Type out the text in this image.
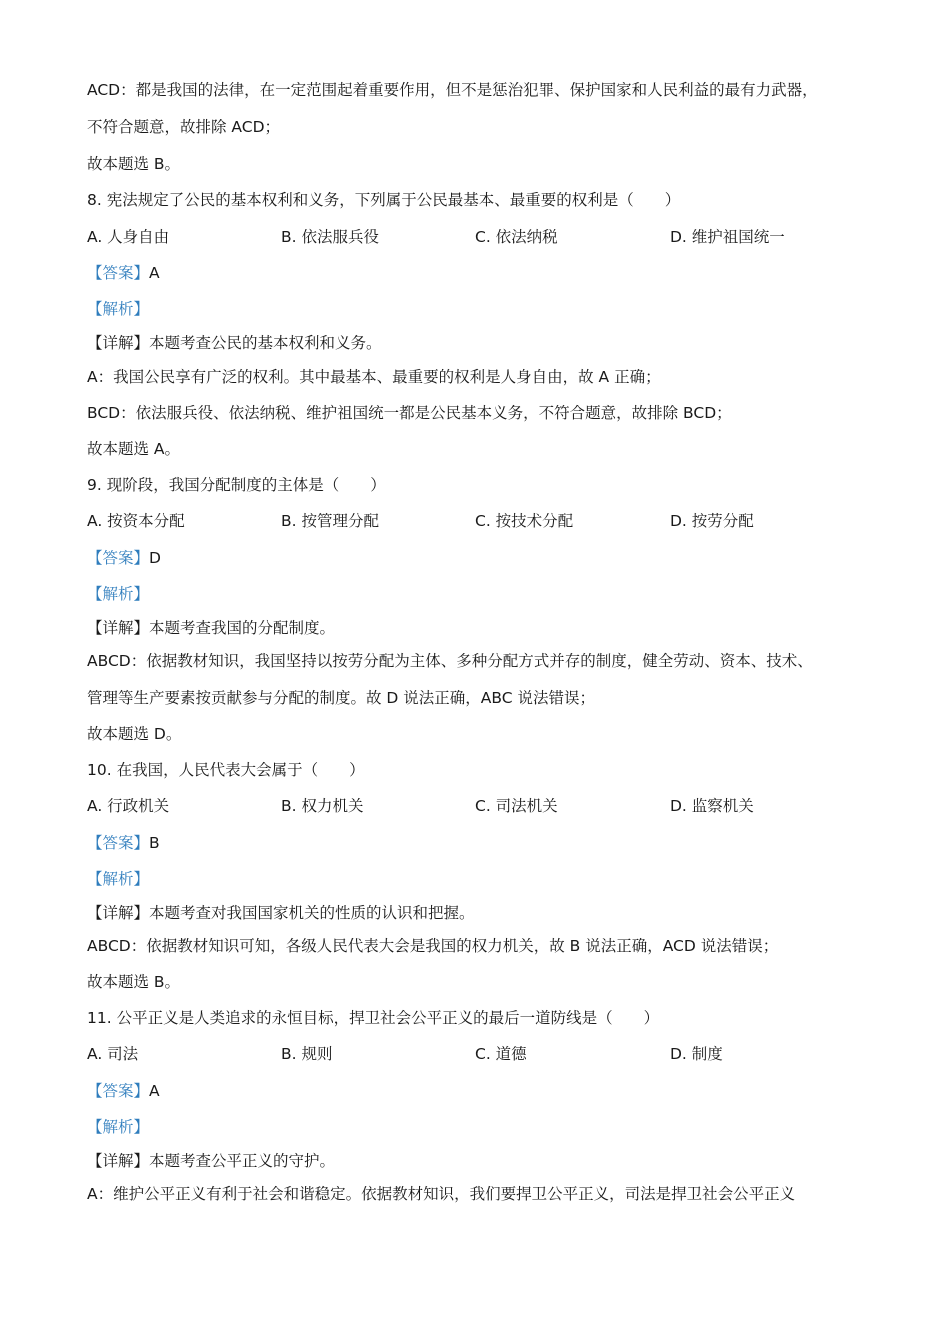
ACD：都是我国的法律，在一定范围起着重要作用，但不是惩治犯罪、保护国家和人民利益的最有力武器，
不符合题意，故排除 ACD；
故本题选 B。
8. 宪法规定了公民的基本权利和义务，下列属于公民最基本、最重要的权利是（　　）
A. 人身自由	B. 依法服兵役	C. 依法纳税	D. 维护祖国统一
【答案】A
【解析】
【详解】本题考查公民的基本权利和义务。
A：我国公民享有广泛的权利。其中最基本、最重要的权利是人身自由，故 A 正确；
BCD：依法服兵役、依法纳税、维护祖国统一都是公民基本义务，不符合题意，故排除 BCD；
故本题选 A。
9. 现阶段，我国分配制度的主体是（　　）
A. 按资本分配	B. 按管理分配	C. 按技术分配	D. 按劳分配
【答案】D
【解析】
【详解】本题考查我国的分配制度。
ABCD：依据教材知识，我国坚持以按劳分配为主体、多种分配方式并存的制度，健全劳动、资本、技术、
管理等生产要素按贡献参与分配的制度。故 D 说法正确，ABC 说法错误；
故本题选 D。
10. 在我国，人民代表大会属于（　　）
A. 行政机关	B. 权力机关	C. 司法机关	D. 监察机关
【答案】B
【解析】
【详解】本题考查对我国国家机关的性质的认识和把握。
ABCD：依据教材知识可知，各级人民代表大会是我国的权力机关，故 B 说法正确，ACD 说法错误；
故本题选 B。
11. 公平正义是人类追求的永恒目标，捍卫社会公平正义的最后一道防线是（　　）
A. 司法	B. 规则	C. 道德	D. 制度
【答案】A
【解析】
【详解】本题考查公平正义的守护。
A：维护公平正义有利于社会和谐稳定。依据教材知识，我们要捍卫公平正义，司法是捍卫社会公平正义
